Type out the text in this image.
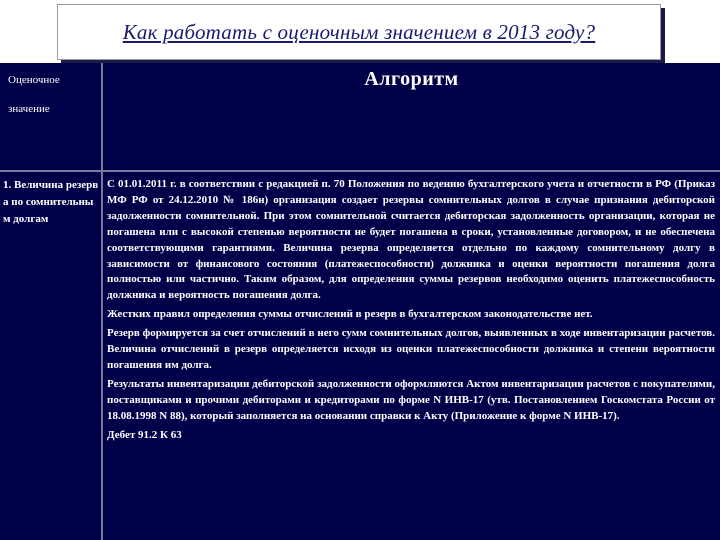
Как работать с оценочным значением в 2013 году?
Оценочное
значение
Алгоритм
1. Величина резерва по сомнительным долгам

С 01.01.2011 г. в соответствии с редакцией п. 70 Положения по ведению бухгалтерского учета и отчетности в РФ (Приказ МФ РФ от 24.12.2010 № 186н) организация создает резервы сомнительных долгов в случае признания дебиторской задолженности сомнительной. При этом сомнительной считается дебиторская задолженность организации, которая не погашена или с высокой степенью вероятности не будет погашена в сроки, установленные договором, и не обеспечена соответствующими гарантиями. Величина резерва определяется отдельно по каждому сомнительному долгу в зависимости от финансового состояния (платежеспособности) должника и оценки вероятности погашения долга полностью или частично. Таким образом, для определения суммы резервов необходимо оценить платежеспособность должника и вероятность погашения долга.

Жестких правил определения суммы отчислений в резерв в бухгалтерском законодательстве нет.

Резерв формируется за счет отчислений в него сумм сомнительных долгов, выявленных в ходе инвентаризации расчетов. Величина отчислений в резерв определяется исходя из оценки платежеспособности должника и степени вероятности погашения им долга.

Результаты инвентаризации дебиторской задолженности оформляются Актом инвентаризации расчетов с покупателями, поставщиками и прочими дебиторами и кредиторами по форме N ИНВ-17 (утв. Постановлением Госкомстата России от 18.08.1998 N 88), который заполняется на основании справки к Акту (Приложение к форме N ИНВ-17).

Дебет 91.2 К 63
